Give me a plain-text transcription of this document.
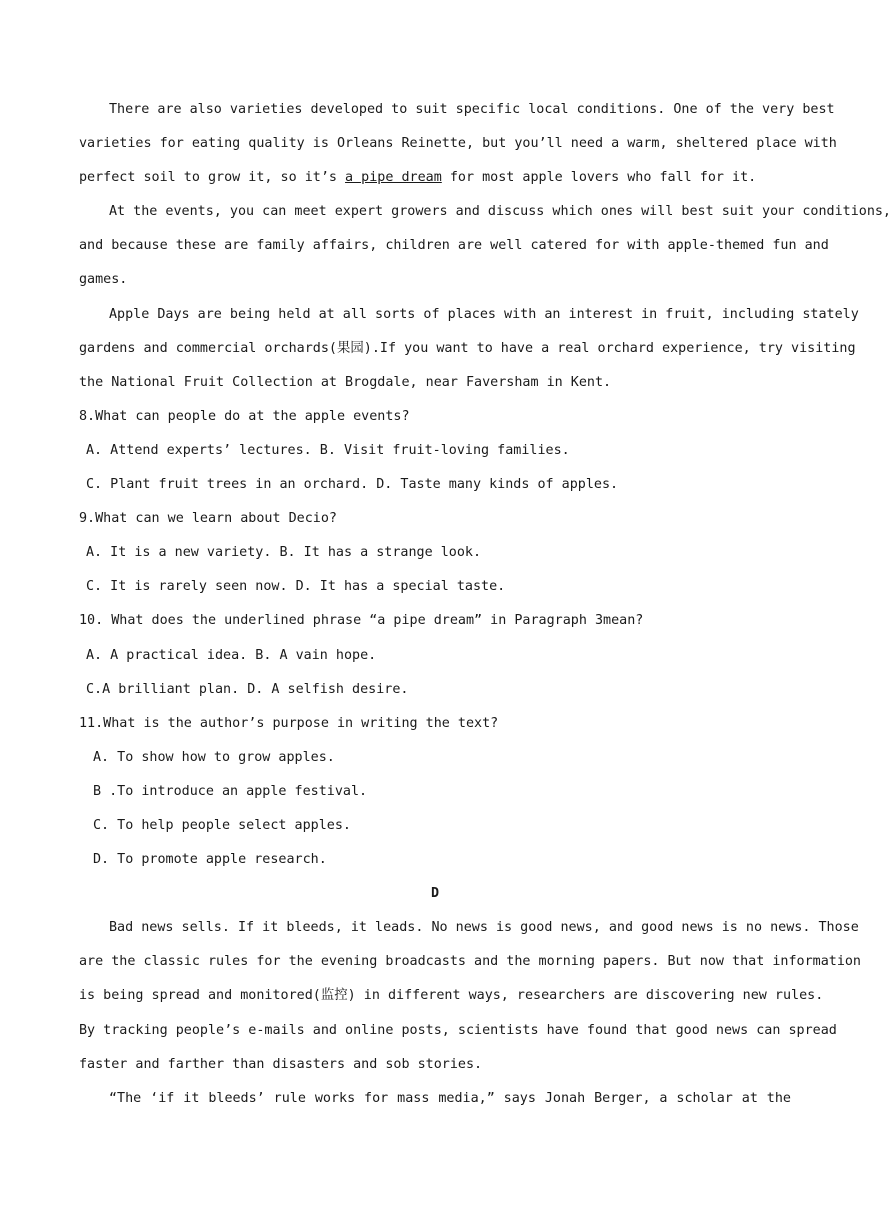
There are also varieties developed to suit specific local conditions. One of the very best
varieties for eating quality is Orleans Reinette, but you’ll need a warm, sheltered place with
perfect soil to grow it, so it’s a pipe dream for most apple lovers who fall for it.
At the events, you can meet expert growers and discuss which ones will best suit your conditions,
and because these are family affairs, children are well catered for with apple-themed fun and
games.
Apple Days are being held at all sorts of places with an interest in fruit, including stately
gardens and commercial orchards(果园).If you want to have a real orchard experience, try visiting
the National Fruit Collection at Brogdale, near Faversham in Kent.
8.What can people do at the apple events?
A. Attend experts’ lectures. B. Visit fruit-loving families.
C. Plant fruit trees in an orchard. D. Taste many kinds of apples.
9.What can we learn about Decio?
A. It is a new variety. B. It has a strange look.
C. It is rarely seen now. D. It has a special taste.
10. What does the underlined phrase “a pipe dream” in Paragraph 3mean?
A. A practical idea. B. A vain hope.
C.A brilliant plan. D. A selfish desire.
11.What is the author’s purpose in writing the text?
A. To show how to grow apples.
B .To introduce an apple festival.
C. To help people select apples.
D. To promote apple research.
D
Bad news sells. If it bleeds, it leads. No news is good news, and good news is no news. Those
are the classic rules for the evening broadcasts and the morning papers. But now that information
is being spread and monitored(监控) in different ways, researchers are discovering new rules.
By tracking people’s e-mails and online posts, scientists have found that good news can spread
faster and farther than disasters and sob stories.
“The ‘if it bleeds’ rule works for mass media,” says Jonah Berger, a scholar at the
